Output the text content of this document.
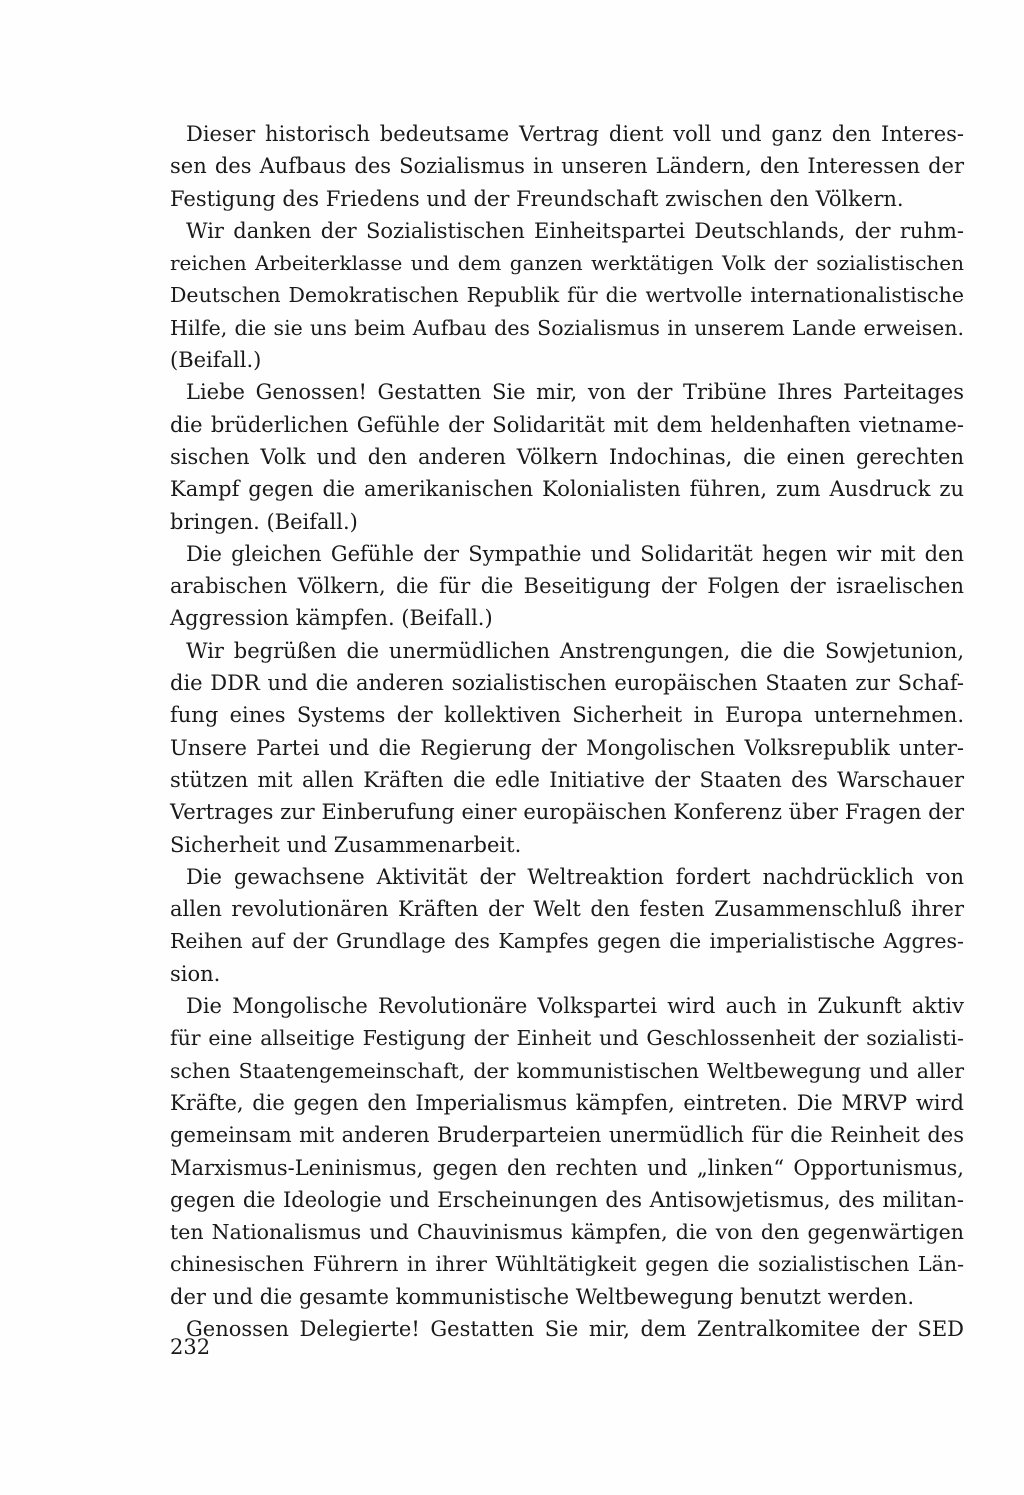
Dieser historisch bedeutsame Vertrag dient voll und ganz den Interes-
sen des Aufbaus des Sozialismus in unseren Ländern, den Interessen der
Festigung des Friedens und der Freundschaft zwischen den Völkern.
Wir danken der Sozialistischen Einheitspartei Deutschlands, der ruhm-
reichen Arbeiterklasse und dem ganzen werktätigen Volk der sozialistischen
Deutschen Demokratischen Republik für die wertvolle internationalistische
Hilfe, die sie uns beim Aufbau des Sozialismus in unserem Lande erweisen.
(Beifall.)
Liebe Genossen! Gestatten Sie mir, von der Tribüne Ihres Parteitages
die brüderlichen Gefühle der Solidarität mit dem heldenhaften vietname-
sischen Volk und den anderen Völkern Indochinas, die einen gerechten
Kampf gegen die amerikanischen Kolonialisten führen, zum Ausdruck zu
bringen. (Beifall.)
Die gleichen Gefühle der Sympathie und Solidarität hegen wir mit den
arabischen Völkern, die für die Beseitigung der Folgen der israelischen
Aggression kämpfen. (Beifall.)
Wir begrüßen die unermüdlichen Anstrengungen, die die Sowjetunion,
die DDR und die anderen sozialistischen europäischen Staaten zur Schaf-
fung eines Systems der kollektiven Sicherheit in Europa unternehmen.
Unsere Partei und die Regierung der Mongolischen Volksrepublik unter-
stützen mit allen Kräften die edle Initiative der Staaten des Warschauer
Vertrages zur Einberufung einer europäischen Konferenz über Fragen der
Sicherheit und Zusammenarbeit.
Die gewachsene Aktivität der Weltreaktion fordert nachdrücklich von
allen revolutionären Kräften der Welt den festen Zusammenschluß ihrer
Reihen auf der Grundlage des Kampfes gegen die imperialistische Aggres-
sion.
Die Mongolische Revolutionäre Volkspartei wird auch in Zukunft aktiv
für eine allseitige Festigung der Einheit und Geschlossenheit der sozialisti-
schen Staatengemeinschaft, der kommunistischen Weltbewegung und aller
Kräfte, die gegen den Imperialismus kämpfen, eintreten. Die MRVP wird
gemeinsam mit anderen Bruderparteien unermüdlich für die Reinheit des
Marxismus-Leninismus, gegen den rechten und „linken“ Opportunismus,
gegen die Ideologie und Erscheinungen des Antisowjetismus, des militan-
ten Nationalismus und Chauvinismus kämpfen, die von den gegenwärtigen
chinesischen Führern in ihrer Wühltätigkeit gegen die sozialistischen Län-
der und die gesamte kommunistische Weltbewegung benutzt werden.
Genossen Delegierte! Gestatten Sie mir, dem Zentralkomitee der SED
232
